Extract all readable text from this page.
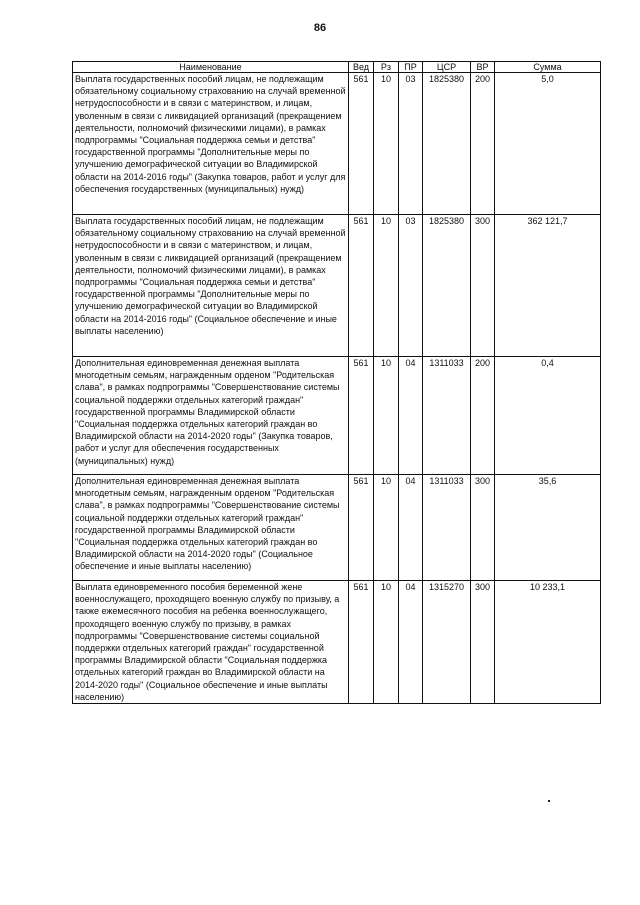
86
Наименование	Вед	Рз	ПР	ЦСР	ВР	Сумма
Выплата государственных пособий лицам, не подлежащим обязательному социальному страхованию на случай временной нетрудоспособности и в связи с материнством, и лицам, уволенным в связи с ликвидацией организаций (прекращением деятельности, полномочий физическими лицами), в рамках подпрограммы "Социальная поддержка семьи и детства" государственной программы "Дополнительные меры по улучшению демографической ситуации во Владимирской области на 2014-2016 годы" (Закупка товаров, работ и услуг для обеспечения государственных (муниципальных) нужд)	561	10	03	1825380	200	5,0
Выплата государственных пособий лицам, не подлежащим обязательному социальному страхованию на случай временной нетрудоспособности и в связи с материнством, и лицам, уволенным в связи с ликвидацией организаций (прекращением деятельности, полномочий физическими лицами), в рамках подпрограммы "Социальная поддержка семьи и детства" государственной программы "Дополнительные меры по улучшению демографической ситуации во Владимирской области на 2014-2016 годы" (Социальное обеспечение и иные выплаты населению)	561	10	03	1825380	300	362 121,7
Дополнительная единовременная денежная выплата многодетным семьям, награжденным орденом "Родительская слава", в рамках подпрограммы "Совершенствование системы социальной поддержки отдельных категорий граждан" государственной программы Владимирской области "Социальная поддержка отдельных категорий граждан во Владимирской области на 2014-2020 годы" (Закупка товаров, работ и услуг для обеспечения государственных (муниципальных) нужд)	561	10	04	1311033	200	0,4
Дополнительная единовременная денежная выплата многодетным семьям, награжденным орденом "Родительская слава", в рамках подпрограммы "Совершенствование системы социальной поддержки отдельных категорий граждан" государственной программы Владимирской области "Социальная поддержка отдельных категорий граждан во Владимирской области на 2014-2020 годы" (Социальное обеспечение и иные выплаты населению)	561	10	04	1311033	300	35,6
Выплата единовременного пособия беременной жене военнослужащего, проходящего военную службу по призыву, а также ежемесячного пособия на ребенка военнослужащего, проходящего военную службу по призыву, в рамках подпрограммы "Совершенствование системы социальной поддержки отдельных категорий граждан" государственной программы Владимирской области "Социальная поддержка отдельных категорий граждан во Владимирской области на 2014-2020 годы" (Социальное обеспечение и иные выплаты населению)	561	10	04	1315270	300	10 233,1
